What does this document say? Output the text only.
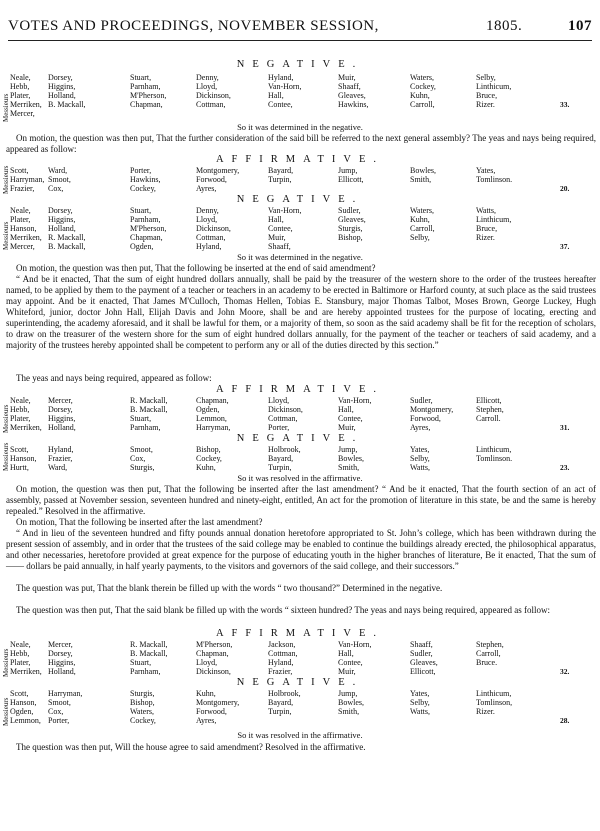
VOTES AND PROCEEDINGS, NOVEMBER SESSION,	1805.	107
NEGATIVE.
Messieurs
Neale,	Dorsey,	Stuart,	Denny,	Hyland,	Muir,	Waters,	Selby,
Hebb,	Higgins,	Parnham,	Lloyd,	Van-Horn,	Shaaff,	Cockey,	Linthicum,
Plater,	Holland,	M'Pherson,	Dickinson,	Hall,	Gleaves,	Kuhn,	Bruce,
Merriken, B. Mackall,	Chapman,	Cottman,	Contee,	Hawkins,	Carroll,	Rizer.	33.
Mercer,
So it was determined in the negative.
On motion, the question was then put, That the further consideration of the said bill be referred to the next general assembly? The yeas and nays being required, appeared as follow:
AFFIRMATIVE.
Messieurs Scott,	Ward,	Porter,	Montgomery,	Bayard,	Jump,	Bowles,	Yates,
Harryman, Smoot,	Hawkins,	Forwood,	Turpin,	Ellicott,	Smith,	Tomlinson.
Frazier,	Cox,	Cockey,	Ayres,	20.
NEGATIVE.
Messieurs
Neale,	Dorsey,	Stuart,	Denny,	Van-Horn,	Sudler,	Waters,	Watts,
Plater,	Higgins,	Parnham,	Lloyd,	Hall,	Gleaves,	Kuhn,	Linthicum,
Hanson,	Holland,	M'Pherson,	Dickinson,	Contee,	Sturgis,	Carroll,	Bruce,
Merriken, R. Mackall,	Chapman,	Cottman,	Muir,	Bishop,	Selby,	Rizer.
Mercer,	B. Mackall,	Ogden,	Hyland,	Shaaff,	37.
So it was determined in the negative.
On motion, the question was then put, That the following be inserted at the end of said amendment?
“ And be it enacted, That the sum of eight hundred dollars annually, shall be paid by the treasurer of the western shore to the order of the trustees hereafter named, to be applied by them to the payment of a teacher or teachers in an academy to be erected in Baltimore or Harford county, at such place as the said trustees may appoint. And be it enacted, That James M'Culloch, Thomas Hellen, Tobias E. Stansbury, major Thomas Talbot, Moses Brown, George Luckey, Hugh Whiteford, junior, doctor John Hall, Elijah Davis and John Moore, shall be and are hereby appointed trustees for the purpose of locating, erecting and superintending, the academy aforesaid, and it shall be lawful for them, or a majority of them, so soon as the said academy shall be fit for the reception of scholars, to draw on the treasurer of the western shore for the sum of eight hundred dollars annually, for the payment of the teacher or teachers of said academy, and a majority of the trustees hereby appointed shall be competent to perform any or all of the duties directed by this section.”
The yeas and nays being required, appeared as follow:
AFFIRMATIVE.
Messieurs
Neale,	Mercer,	R. Mackall,	Chapman,	Lloyd,	Van-Horn,	Sudler,	Ellicott,
Hebb,	Dorsey,	B. Mackall,	Ogden,	Dickinson,	Hall,	Montgomery,	Stephen,
Plater,	Higgins,	Stuart,	Lemmon,	Cottman,	Contee,	Forwood,	Carroll.
Merriken, Holland,	Parnham,	Harryman,	Porter,	Muir,	Ayres,	31.
NEGATIVE.
Messieurs Scott,	Hyland,	Smoot,	Bishop,	Holbrook,	Jump,	Yates,	Linthicum,
Hanson,	Frazier,	Cox,	Cockey,	Bayard,	Bowles,	Selby,	Tomlinson.
Hurtt,	Ward,	Sturgis,	Kuhn,	Turpin,	Smith,	Watts,	23.
So it was resolved in the affirmative.
On motion, the question was then put, That the following be inserted after the last amendment? “ And be it enacted, That the fourth section of an act of assembly, passed at November session, seventeen hundred and ninety-eight, entitled, An act for the promotion of literature in this state, be and the same is hereby repealed.” Resolved in the affirmative.
On motion, That the following be inserted after the last amendment?
“ And in lieu of the seventeen hundred and fifty pounds annual donation heretofore appropriated to St. John’s college, which has been withdrawn during the present session of assembly, and in order that the trustees of the said college may be enabled to continue the buildings already erected, the philosophical apparatus, and other necessaries, heretofore provided at great expence for the purpose of educating youth in the higher branches of literature, Be it enacted, That the sum of —— dollars be paid annually, in half yearly payments, to the visitors and governors of the said college, and their successors.”
The question was put, That the blank therein be filled up with the words “ two thousand?” Determined in the negative.
The question was then put, That the said blank be filled up with the words “ sixteen hundred? The yeas and nays being required, appeared as follow:
AFFIRMATIVE.
Messieurs
Neale,	Mercer,	R. Mackall,	M'Pherson,	Jackson,	Van-Horn,	Shaaff,	Stephen,
Hebb,	Dorsey,	B. Mackall,	Chapman,	Cottman,	Hall,	Sudler,	Carroll,
Plater,	Higgins,	Stuart,	Lloyd,	Hyland,	Contee,	Gleaves,	Bruce.
Merriken, Holland,	Parnham,	Dickinson,	Frazier,	Muir,	Ellicott,	32.
NEGATIVE.
Messieurs
Scott,	Harryman,	Sturgis,	Kuhn,	Holbrook,	Jump,	Yates,	Linthicum,
Hanson,	Smoot,	Bishop,	Montgomery,	Bayard,	Bowles,	Selby,	Tomlinson,
Ogden,	Cox,	Waters,	Forwood,	Turpin,	Smith,	Watts,	Rizer.
Lemmon, Porter,	Cockey,	Ayres,	28.
So it was resolved in the affirmative.
The question was then put, Will the house agree to said amendment? Resolved in the affirmative.
